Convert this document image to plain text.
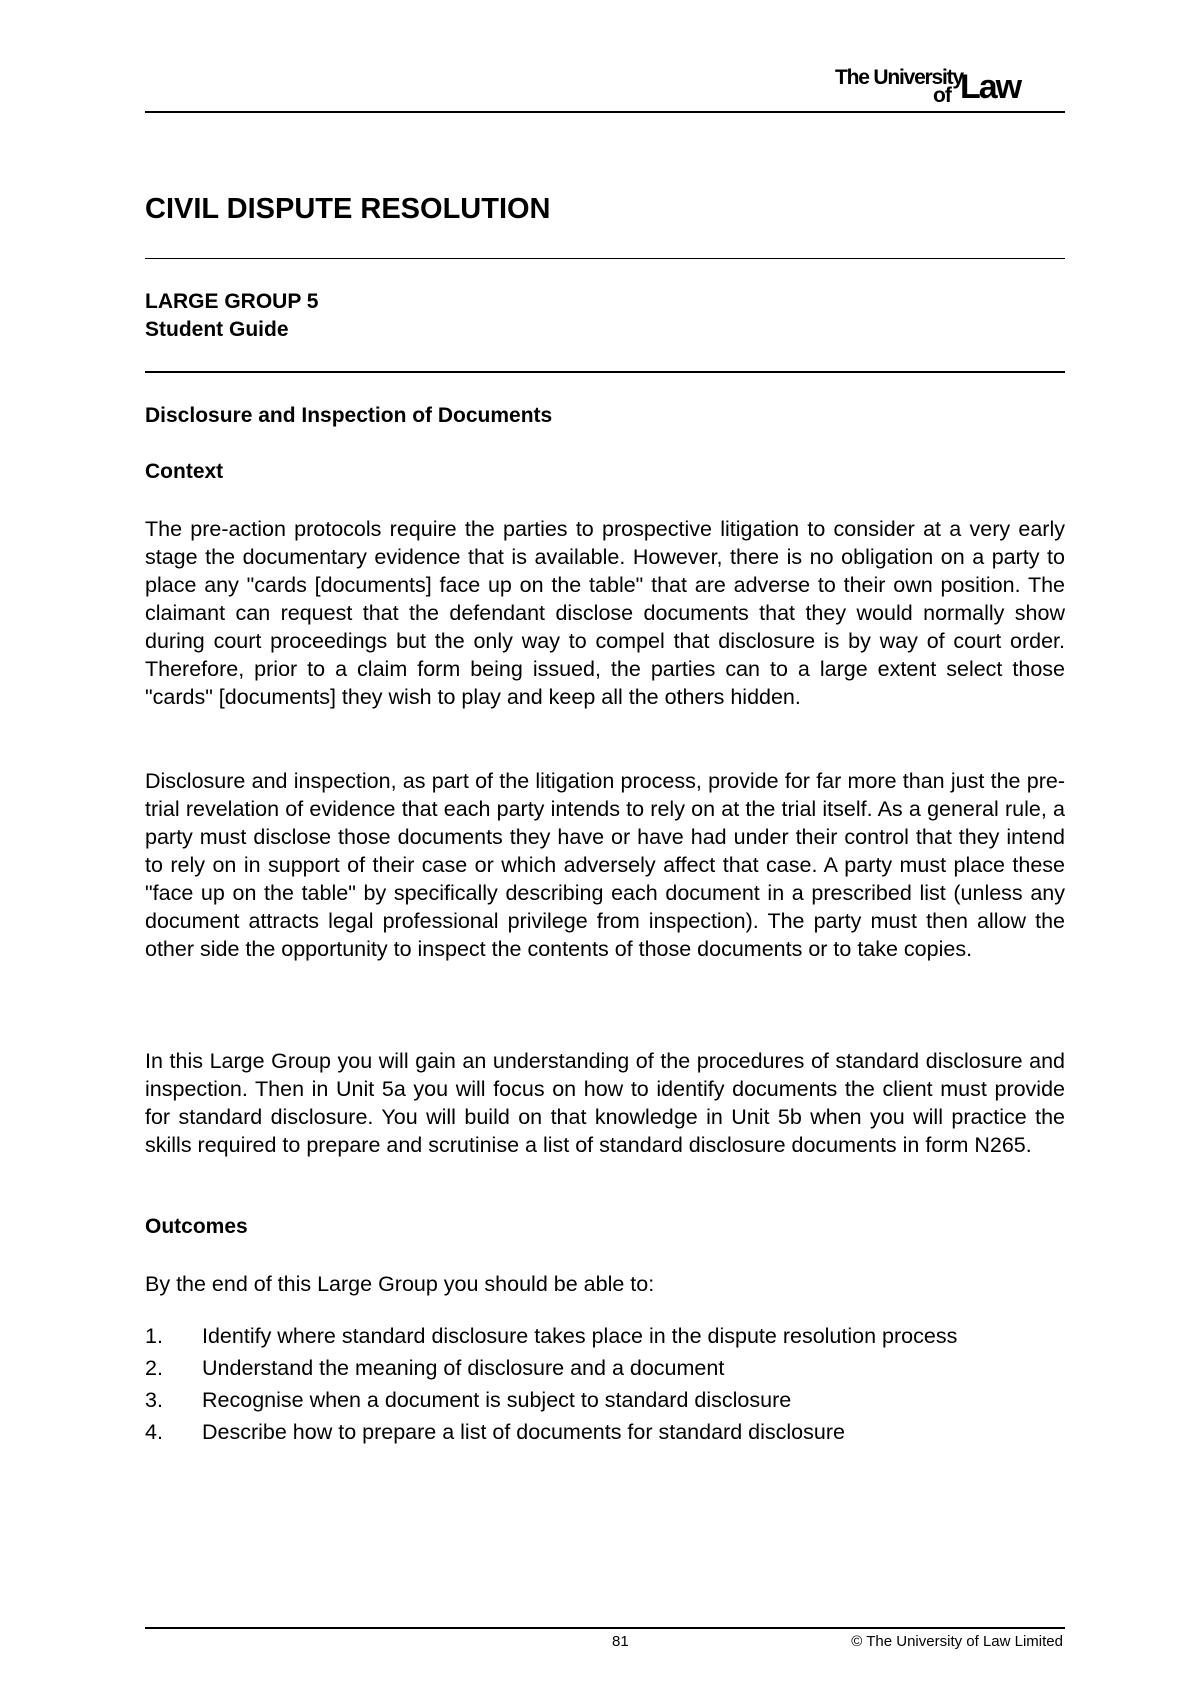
The University
of Law
CIVIL DISPUTE RESOLUTION
LARGE GROUP 5
Student Guide
Disclosure and Inspection of Documents
Context
The pre-action protocols require the parties to prospective litigation to consider at a very early stage the documentary evidence that is available. However, there is no obligation on a party to place any "cards [documents] face up on the table" that are adverse to their own position. The claimant can request that the defendant disclose documents that they would normally show during court proceedings but the only way to compel that disclosure is by way of court order. Therefore, prior to a claim form being issued, the parties can to a large extent select those "cards" [documents] they wish to play and keep all the others hidden.
Disclosure and inspection, as part of the litigation process, provide for far more than just the pre-trial revelation of evidence that each party intends to rely on at the trial itself. As a general rule, a party must disclose those documents they have or have had under their control that they intend to rely on in support of their case or which adversely affect that case. A party must place these "face up on the table" by specifically describing each document in a prescribed list (unless any document attracts legal professional privilege from inspection). The party must then allow the other side the opportunity to inspect the contents of those documents or to take copies.
In this Large Group you will gain an understanding of the procedures of standard disclosure and inspection. Then in Unit 5a you will focus on how to identify documents the client must provide for standard disclosure. You will build on that knowledge in Unit 5b when you will practice the skills required to prepare and scrutinise a list of standard disclosure documents in form N265.
Outcomes
By the end of this Large Group you should be able to:
1.	Identify where standard disclosure takes place in the dispute resolution process
2.	Understand the meaning of disclosure and a document
3.	Recognise when a document is subject to standard disclosure
4.	Describe how to prepare a list of documents for standard disclosure
81	© The University of Law Limited
